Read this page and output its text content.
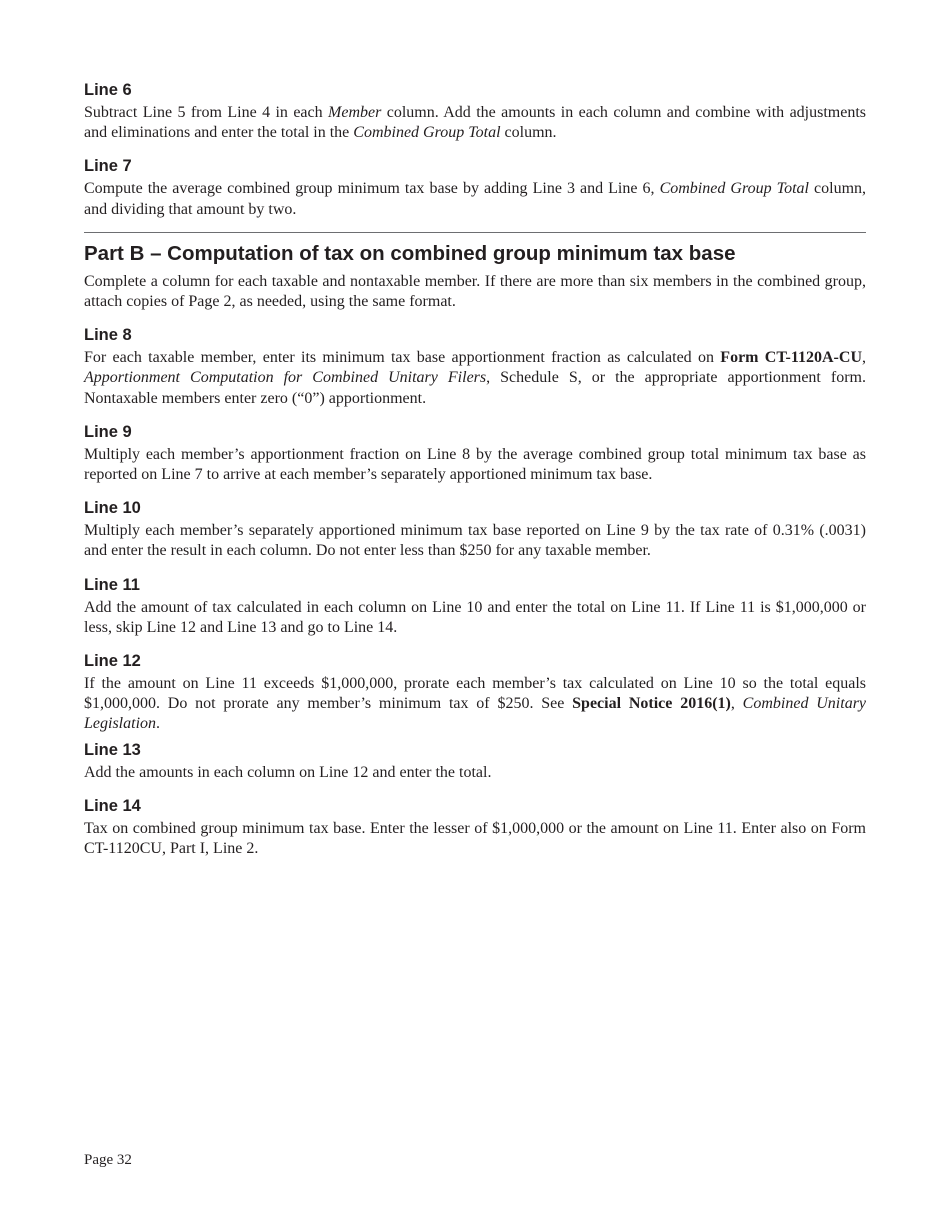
Line 6

Subtract Line 5 from Line 4 in each Member column. Add the amounts in each column and combine with adjustments and eliminations and enter the total in the Combined Group Total column.

Line 7

Compute the average combined group minimum tax base by adding Line 3 and Line 6, Combined Group Total column, and dividing that amount by two.

Part B – Computation of tax on combined group minimum tax base

Complete a column for each taxable and nontaxable member. If there are more than six members in the combined group, attach copies of Page 2, as needed, using the same format.

Line 8

For each taxable member, enter its minimum tax base apportionment fraction as calculated on Form CT-1120A-CU, Apportionment Computation for Combined Unitary Filers, Schedule S, or the appropriate apportionment form. Nontaxable members enter zero (“0”) apportionment.

Line 9

Multiply each member’s apportionment fraction on Line 8 by the average combined group total minimum tax base as reported on Line 7 to arrive at each member’s separately apportioned minimum tax base.

Line 10

Multiply each member’s separately apportioned minimum tax base reported on Line 9 by the tax rate of 0.31% (.0031) and enter the result in each column. Do not enter less than $250 for any taxable member.

Line 11

Add the amount of tax calculated in each column on Line 10 and enter the total on Line 11. If Line 11 is $1,000,000 or less, skip Line 12 and Line 13 and go to Line 14.

Line 12

If the amount on Line 11 exceeds $1,000,000, prorate each member’s tax calculated on Line 10 so the total equals $1,000,000. Do not prorate any member’s minimum tax of $250. See Special Notice 2016(1), Combined Unitary Legislation.

Line 13

Add the amounts in each column on Line 12 and enter the total.

Line 14

Tax on combined group minimum tax base. Enter the lesser of $1,000,000 or the amount on Line 11. Enter also on Form CT-1120CU, Part I, Line 2.

Page 32
